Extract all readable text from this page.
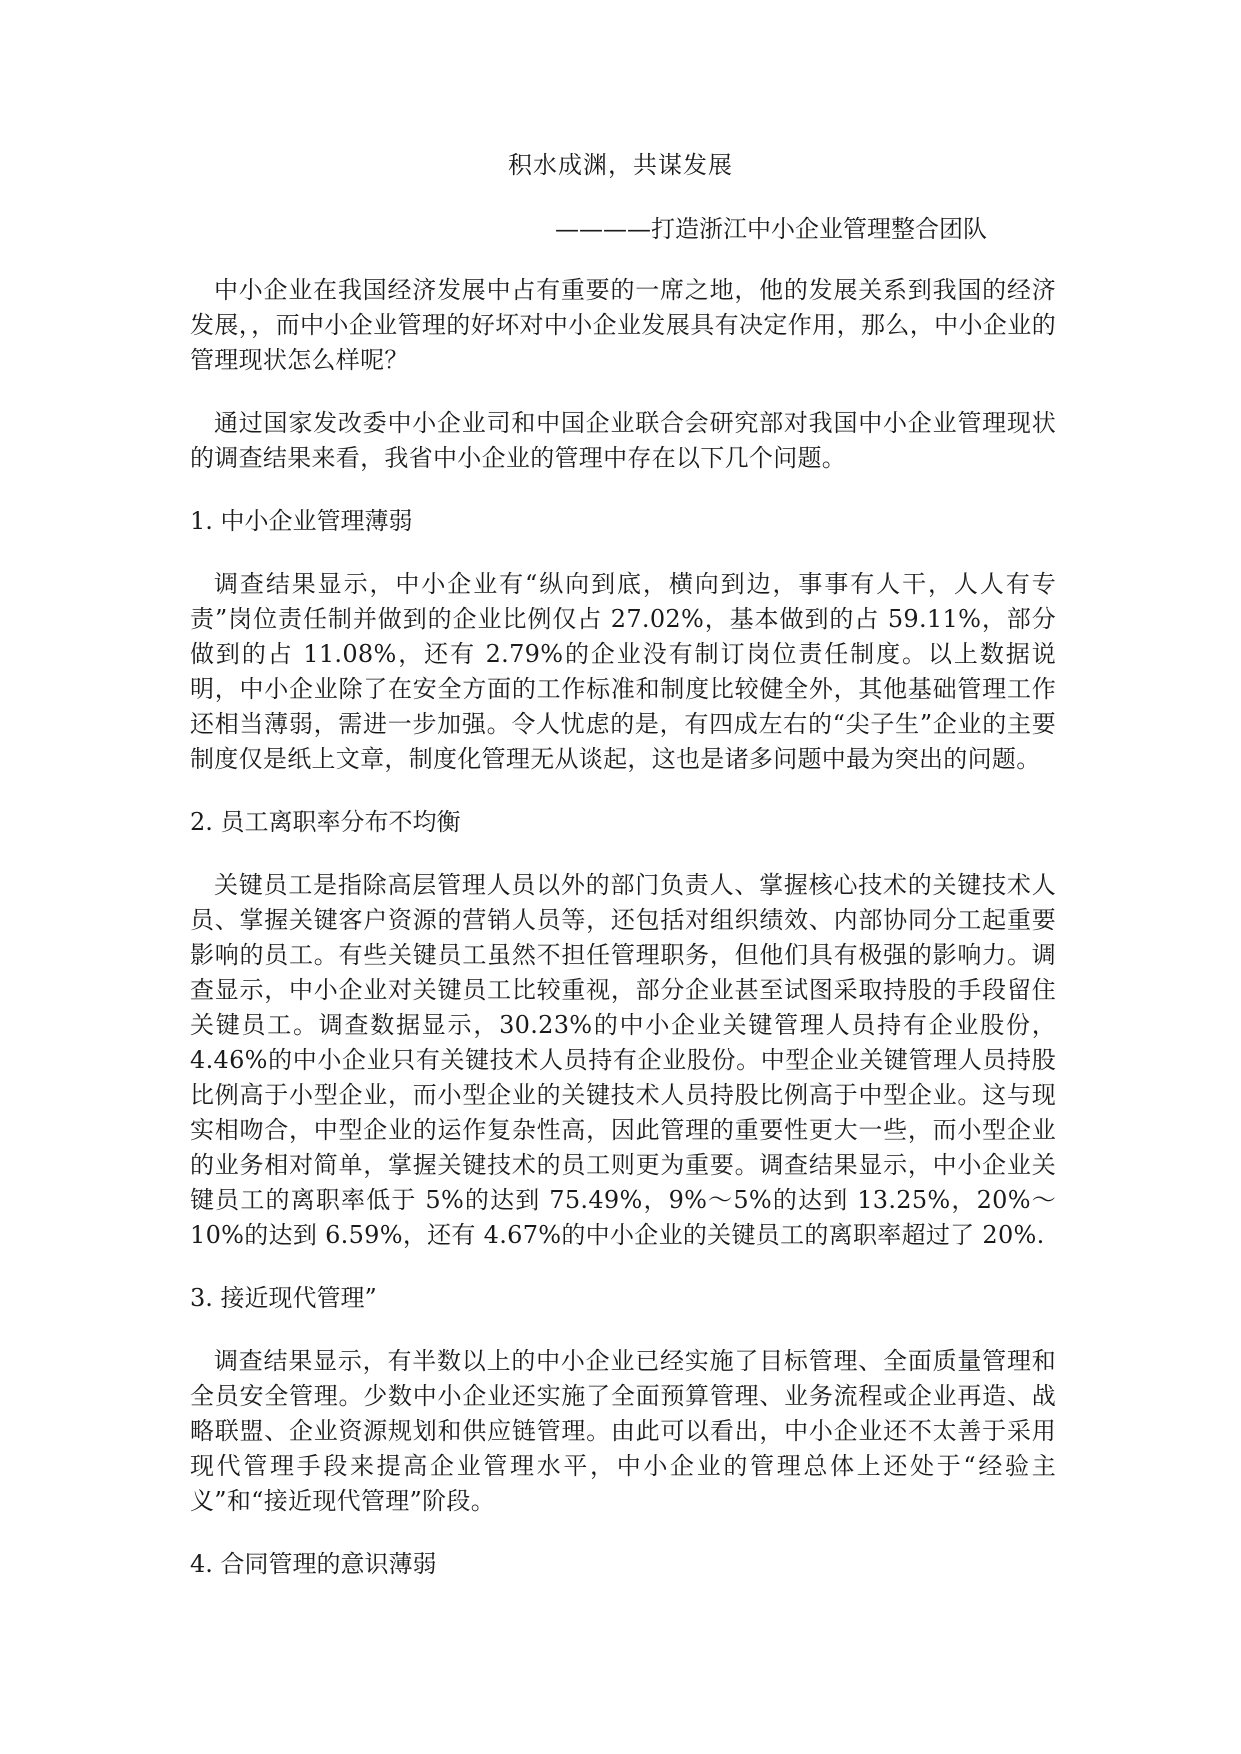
积水成渊，共谋发展
————打造浙江中小企业管理整合团队

中小企业在我国经济发展中占有重要的一席之地，他的发展关系到我国的经济发展，，而中小企业管理的好坏对中小企业发展具有决定作用，那么，中小企业的管理现状怎么样呢？

通过国家发改委中小企业司和中国企业联合会研究部对我国中小企业管理现状的调查结果来看，我省中小企业的管理中存在以下几个问题。

1. 中小企业管理薄弱

调查结果显示，中小企业有“纵向到底，横向到边，事事有人干，人人有专责”岗位责任制并做到的企业比例仅占 27.02%，基本做到的占 59.11%，部分做到的占 11.08%，还有 2.79%的企业没有制订岗位责任制度。以上数据说明，中小企业除了在安全方面的工作标准和制度比较健全外，其他基础管理工作还相当薄弱，需进一步加强。令人忧虑的是，有四成左右的“尖子生”企业的主要制度仅是纸上文章，制度化管理无从谈起，这也是诸多问题中最为突出的问题。

2. 员工离职率分布不均衡

关键员工是指除高层管理人员以外的部门负责人、掌握核心技术的关键技术人员、掌握关键客户资源的营销人员等，还包括对组织绩效、内部协同分工起重要影响的员工。有些关键员工虽然不担任管理职务，但他们具有极强的影响力。调查显示，中小企业对关键员工比较重视，部分企业甚至试图采取持股的手段留住关键员工。调查数据显示，30.23%的中小企业关键管理人员持有企业股份，4.46%的中小企业只有关键技术人员持有企业股份。中型企业关键管理人员持股比例高于小型企业，而小型企业的关键技术人员持股比例高于中型企业。这与现实相吻合，中型企业的运作复杂性高，因此管理的重要性更大一些，而小型企业的业务相对简单，掌握关键技术的员工则更为重要。调查结果显示，中小企业关键员工的离职率低于 5%的达到 75.49%，9%～5%的达到 13.25%，20%～10%的达到 6.59%，还有 4.67%的中小企业的关键员工的离职率超过了 20%.

3. 接近现代管理”

调查结果显示，有半数以上的中小企业已经实施了目标管理、全面质量管理和全员安全管理。少数中小企业还实施了全面预算管理、业务流程或企业再造、战略联盟、企业资源规划和供应链管理。由此可以看出，中小企业还不太善于采用现代管理手段来提高企业管理水平，中小企业的管理总体上还处于“经验主义”和“接近现代管理”阶段。

4. 合同管理的意识薄弱
